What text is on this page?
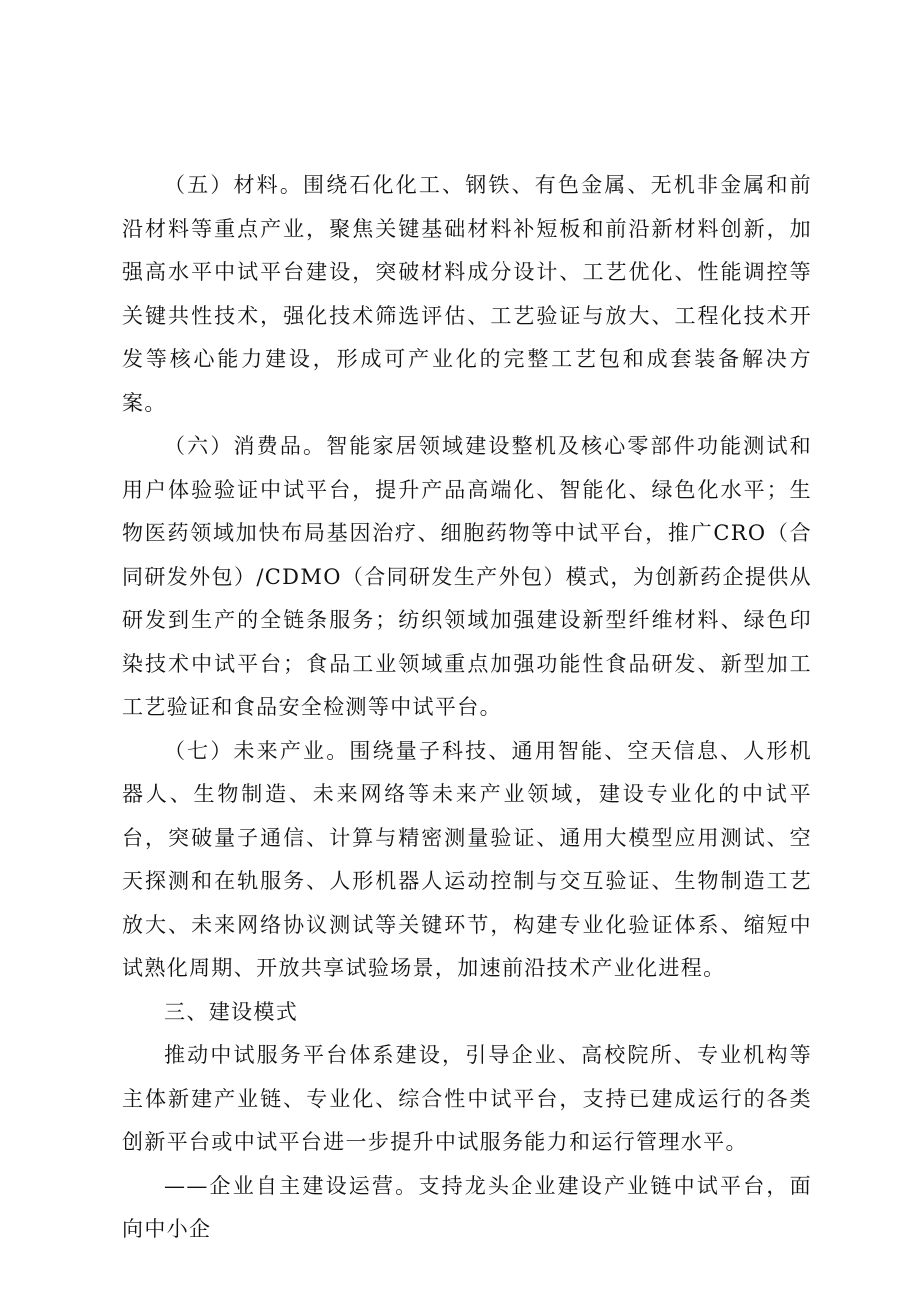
（五）材料。围绕石化化工、钢铁、有色金属、无机非金属和前沿材料等重点产业，聚焦关键基础材料补短板和前沿新材料创新，加强高水平中试平台建设，突破材料成分设计、工艺优化、性能调控等关键共性技术，强化技术筛选评估、工艺验证与放大、工程化技术开发等核心能力建设，形成可产业化的完整工艺包和成套装备解决方案。

（六）消费品。智能家居领域建设整机及核心零部件功能测试和用户体验验证中试平台，提升产品高端化、智能化、绿色化水平；生物医药领域加快布局基因治疗、细胞药物等中试平台，推广CRO（合同研发外包）/CDMO（合同研发生产外包）模式，为创新药企提供从研发到生产的全链条服务；纺织领域加强建设新型纤维材料、绿色印染技术中试平台；食品工业领域重点加强功能性食品研发、新型加工工艺验证和食品安全检测等中试平台。

（七）未来产业。围绕量子科技、通用智能、空天信息、人形机器人、生物制造、未来网络等未来产业领域，建设专业化的中试平台，突破量子通信、计算与精密测量验证、通用大模型应用测试、空天探测和在轨服务、人形机器人运动控制与交互验证、生物制造工艺放大、未来网络协议测试等关键环节，构建专业化验证体系、缩短中试熟化周期、开放共享试验场景，加速前沿技术产业化进程。

三、建设模式

推动中试服务平台体系建设，引导企业、高校院所、专业机构等主体新建产业链、专业化、综合性中试平台，支持已建成运行的各类创新平台或中试平台进一步提升中试服务能力和运行管理水平。

——企业自主建设运营。支持龙头企业建设产业链中试平台，面向中小企
